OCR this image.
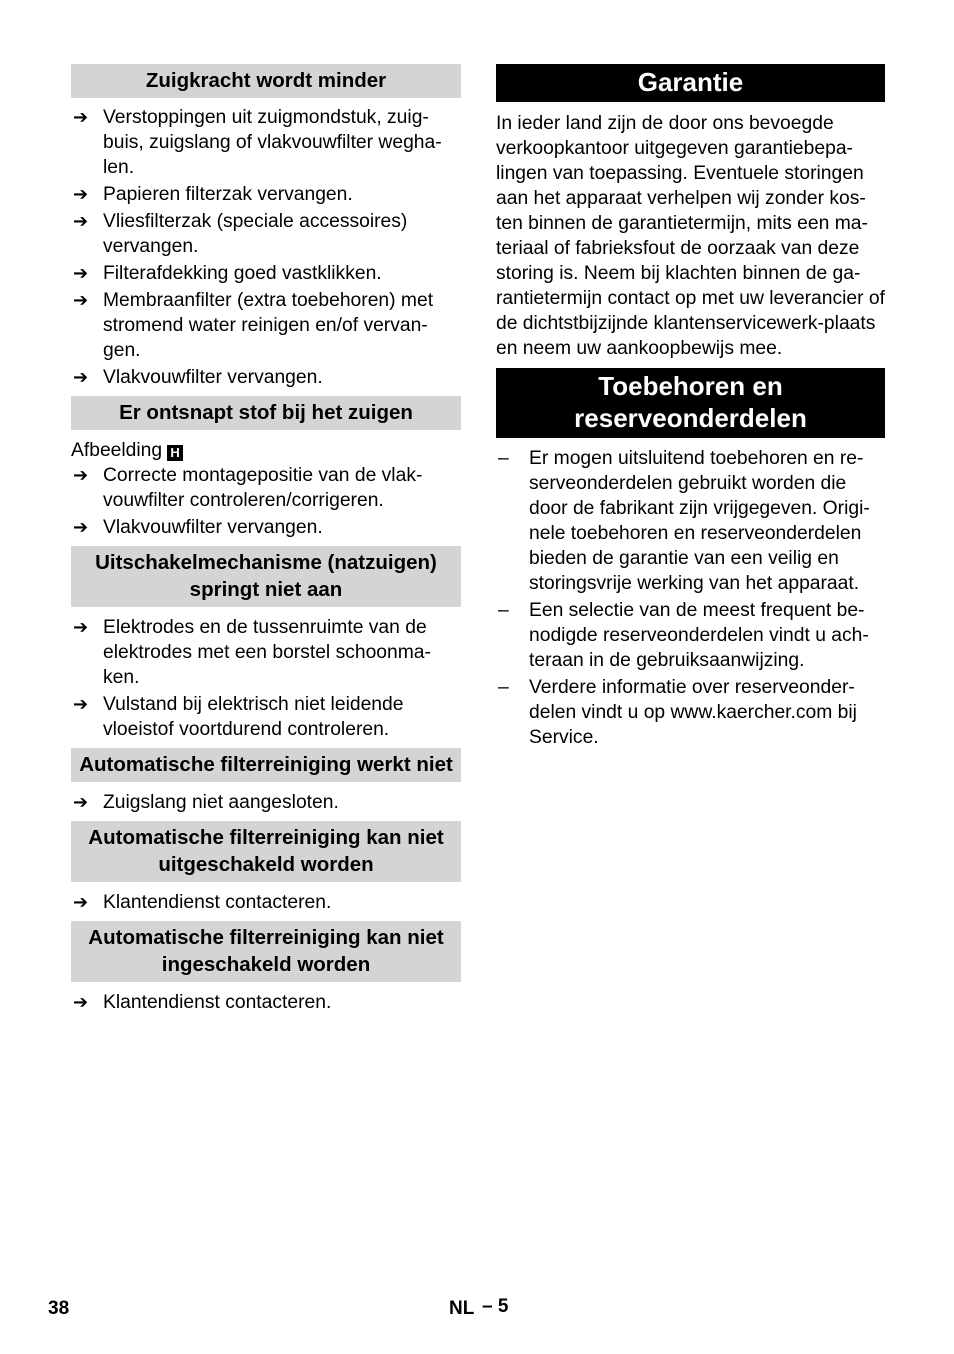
Zuigkracht wordt minder
➔ Verstoppingen uit zuigmondstuk, zuig-buis, zuigslang of vlakvouwfilter wegha-len.
➔ Papieren filterzak vervangen.
➔ Vliesfilterzak (speciale accessoires) vervangen.
➔ Filterafdekking goed vastklikken.
➔ Membraanfilter (extra toebehoren) met stromend water reinigen en/of vervan-gen.
➔ Vlakvouwfilter vervangen.
Er ontsnapt stof bij het zuigen

Afbeelding H

➔ Correcte montagepositie van de vlak-vouwfilter controleren/corrigeren.
➔ Vlakvouwfilter vervangen.
Uitschakelmechanisme (natzuigen) springt niet aan
➔ Elektrodes en de tussenruimte van de elektrodes met een borstel schoonma-ken.
➔ Vulstand bij elektrisch niet leidende vloeistof voortdurend controleren.
Automatische filterreiniging werkt niet
➔ Zuigslang niet aangesloten.
Automatische filterreiniging kan niet uitgeschakeld worden
➔ Klantendienst contacteren.
Automatische filterreiniging kan niet ingeschakeld worden
➔ Klantendienst contacteren.
Garantie

In ieder land zijn de door ons bevoegde verkoopkantoor uitgegeven garantiebepa-lingen van toepassing. Eventuele storingen aan het apparaat verhelpen wij zonder kos-ten binnen de garantietermijn, mits een ma-teriaal of fabrieksfout de oorzaak van deze storing is. Neem bij klachten binnen de ga-rantietermijn contact op met uw leverancier of de dichtstbijzijnde klantenservicewerk-plaats en neem uw aankoopbewijs mee.

Toebehoren en
reserveonderdelen
– Er mogen uitsluitend toebehoren en re-serveonderdelen gebruikt worden die door de fabrikant zijn vrijgegeven. Origi-nele toebehoren en reserveonderdelen bieden de garantie van een veilig en storingsvrije werking van het apparaat.
– Een selectie van de meest frequent be-nodigde reserveonderdelen vindt u ach-teraan in de gebruiksaanwijzing.
– Verdere informatie over reserveonder-delen vindt u op www.kaercher.com bij Service.
38	NL – 5
